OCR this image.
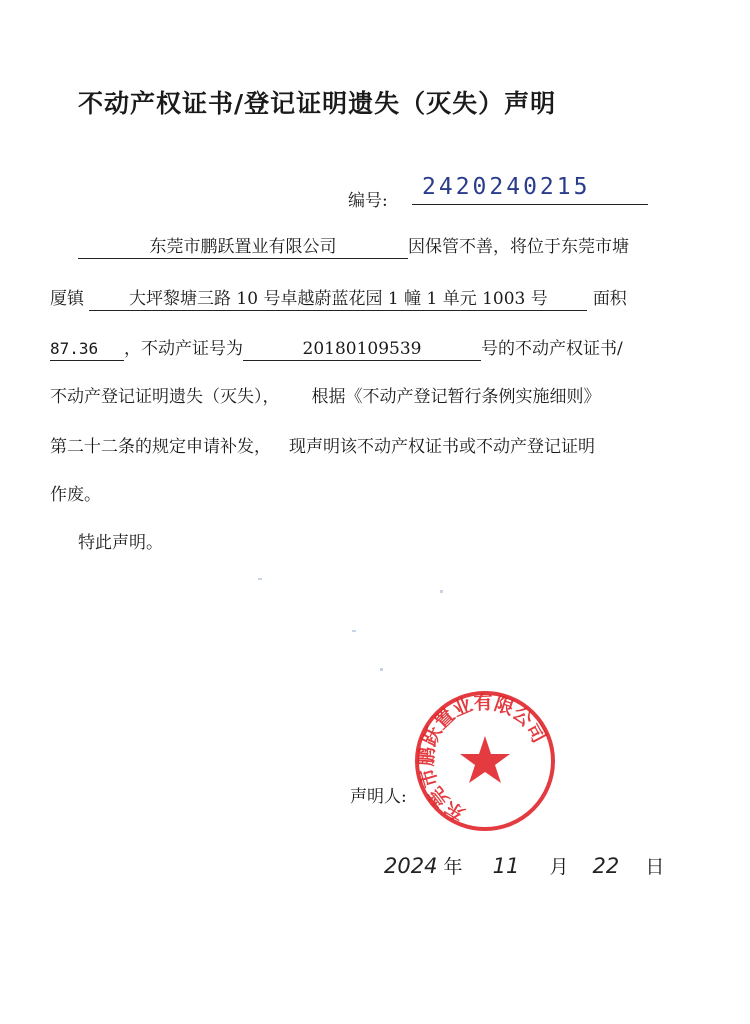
不动产权证书/登记证明遗失（灭失）声明
编号:
2420240215
东莞市鹏跃置业有限公司	因保管不善，将位于东莞市塘
厦镇	大坪黎塘三路 10 号卓越蔚蓝花园 1 幢 1 单元 1003 号	面积
87.36 ，不动产证号为	20180109539	号的不动产权证书/
不动产登记证明遗失（灭失）， 根据《不动产登记暂行条例实施细则》
第二十二条的规定申请补发， 现声明该不动产权证书或不动产登记证明
作废。
特此声明。
声明人:	东莞市鹏跃置业有限公司
2024 年 11 月 22 日
